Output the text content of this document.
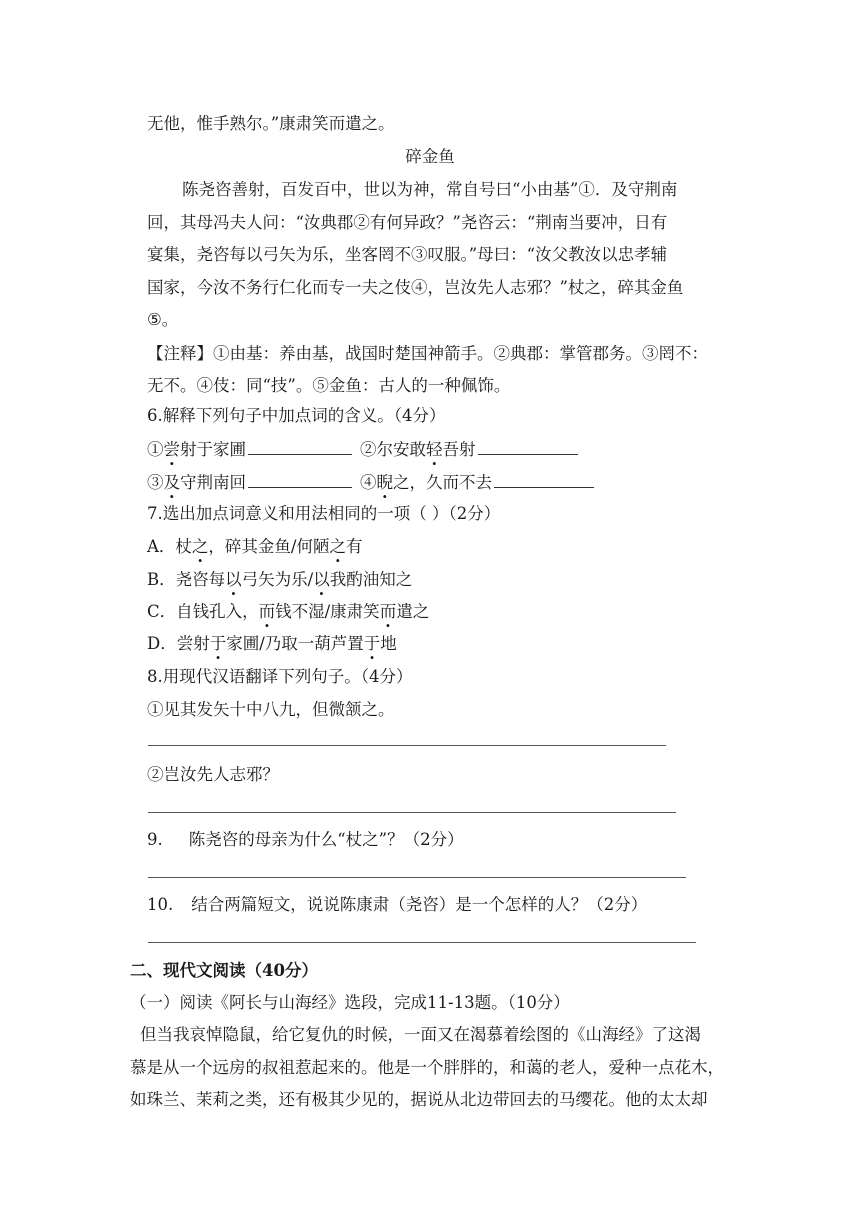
无他，惟手熟尔。”康肃笑而遣之。
碎金鱼
陈尧咨善射，百发百中，世以为神，常自号曰“小由基”①．及守荆南
回，其母冯夫人问：“汝典郡②有何异政？”尧咨云：“荆南当要冲，日有
宴集，尧咨每以弓矢为乐，坐客罔不③叹服。”母曰：“汝父教汝以忠孝辅
国家，今汝不务行仁化而专一夫之伎④，岂汝先人志邪？”杖之，碎其金鱼
⑤。
【注释】①由基：养由基，战国时楚国神箭手。②典郡：掌管郡务。③罔不：
无不。④伎：同“技”。⑤金鱼：古人的一种佩饰。
6.解释下列句子中加点词的含义。（4分）
①尝射于家圃	②尔安敢轻吾射
③及守荆南回	④睨之，久而不去
7.选出加点词意义和用法相同的一项（ ）（2分）
A．杖之，碎其金鱼/何陋之有
B．尧咨每以弓矢为乐/以我酌油知之
C．自钱孔入，而钱不湿/康肃笑而遣之
D．尝射于家圃/乃取一葫芦置于地
8.用现代汉语翻译下列句子。（4分）
①见其发矢十中八九，但微颔之。
②岂汝先人志邪？
9. 陈尧咨的母亲为什么“杖之”？（2分）
10. 结合两篇短文，说说陈康肃（尧咨）是一个怎样的人？（2分）
二、现代文阅读（40分）
（一）阅读《阿长与山海经》选段，完成11-13题。（10分）
但当我哀悼隐鼠，给它复仇的时候，一面又在渴慕着绘图的《山海经》了这渴
慕是从一个远房的叔祖惹起来的。他是一个胖胖的，和蔼的老人，爱种一点花木，
如珠兰、茉莉之类，还有极其少见的，据说从北边带回去的马缨花。他的太太却
